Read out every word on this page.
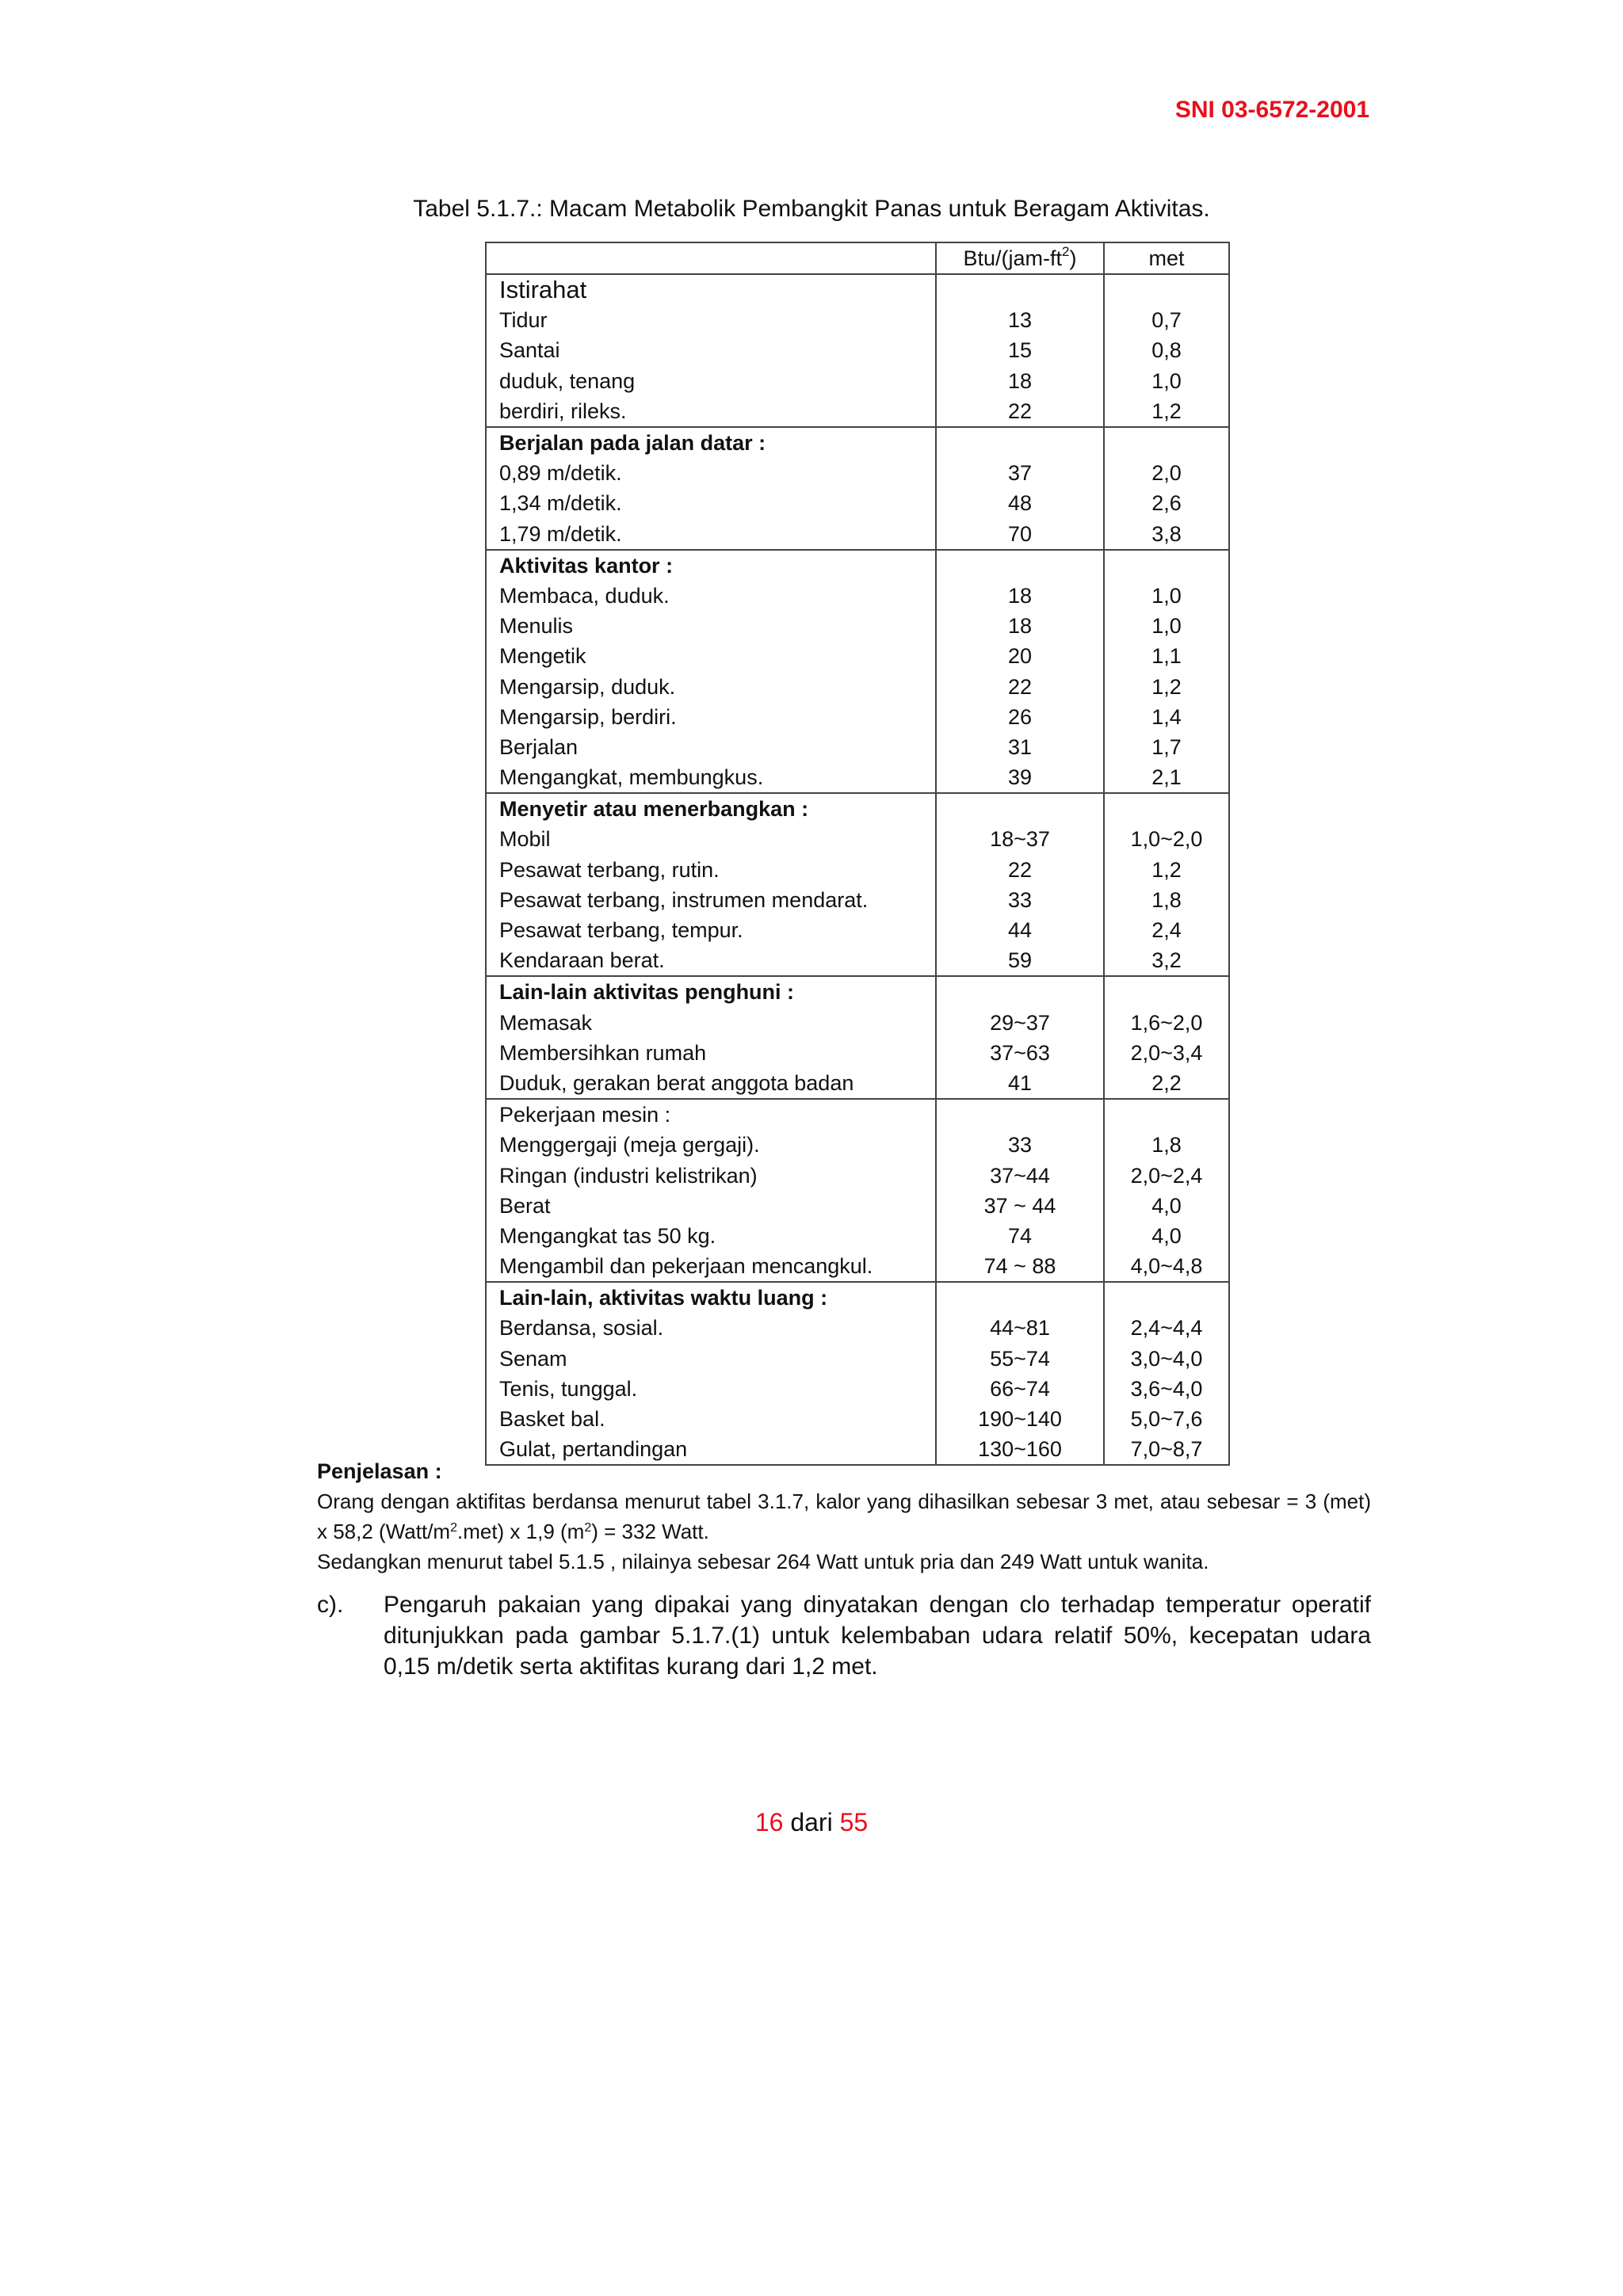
SNI 03-6572-2001
Tabel 5.1.7.: Macam Metabolik Pembangkit Panas untuk Beragam Aktivitas.
	Btu/$(jam-ft^2)$	met
Istirahat		
Tidur	13	0,7
Santai	15	0,8
duduk, tenang	18	1,0
berdiri, rileks.	22	1,2
Berjalan pada jalan datar :		
0,89 m/detik.	37	2,0
1,34 m/detik.	48	2,6
1,79 m/detik.	70	3,8
Aktivitas kantor :		
Membaca, duduk.	18	1,0
Menulis	18	1,0
Mengetik	20	1,1
Mengarsip, duduk.	22	1,2
Mengarsip, berdiri.	26	1,4
Berjalan	31	1,7
Mengangkat, membungkus.	39	2,1
Menyetir atau menerbangkan :		
Mobil	18~37	1,0~2,0
Pesawat terbang, rutin.	22	1,2
Pesawat terbang, instrumen mendarat.	33	1,8
Pesawat terbang, tempur.	44	2,4
Kendaraan berat.	59	3,2
Lain-lain aktivitas penghuni :		
Memasak	29~37	1,6~2,0
Membersihkan rumah	37~63	2,0~3,4
Duduk, gerakan berat anggota badan	41	2,2
Pekerjaan mesin :		
Menggergaji (meja gergaji).	33	1,8
Ringan (industri kelistrikan)	37~44	2,0~2,4
Berat	37 ~ 44	4,0
Mengangkat tas 50 kg.	74	4,0
Mengambil dan pekerjaan mencangkul.	74 ~ 88	4,0~4,8
Lain-lain, aktivitas waktu luang :		
Berdansa, sosial.	44~81	2,4~4,4
Senam	55~74	3,0~4,0
Tenis, tunggal.	66~74	3,6~4,0
Basket bal.	190~140	5,0~7,6
Gulat, pertandingan	130~160	7,0~8,7
Penjelasan :

Orang dengan aktifitas berdansa menurut tabel 3.1.7, kalor yang dihasilkan sebesar 3 met, atau sebesar = 3 (met) x 58,2 $(Watt/m^2.met)$ x 1,9 $(m^2) = 332$ Watt.

Sedangkan menurut tabel 5.1.5 , nilainya sebesar 264 Watt untuk pria dan 249 Watt untuk wanita.

c).	Pengaruh pakaian yang dipakai yang dinyatakan dengan clo terhadap temperatur operatif ditunjukkan pada gambar 5.1.7.(1) untuk kelembaban udara relatif 50%, kecepatan udara 0,15 m/detik serta aktifitas kurang dari 1,2 met.
16 dari 55
